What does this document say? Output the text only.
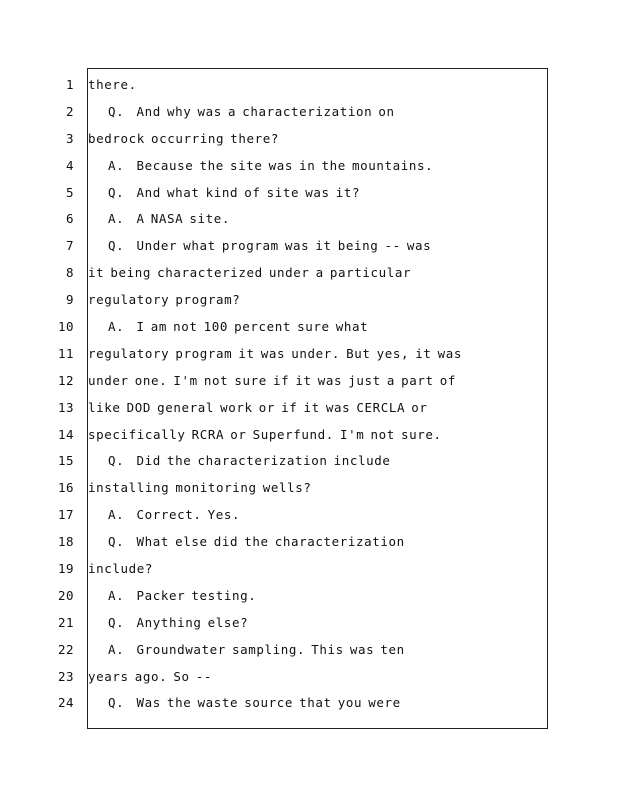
1
2
3
4
5
6
7
8
9
10
11
12
13
14
15
16
17
18
19
20
21
22
23
24
there.
Q.  And why was a characterization on
bedrock occurring there?
A.  Because the site was in the mountains.
Q.  And what kind of site was it?
A.  A NASA site.
Q.  Under what program was it being -- was
it being characterized under a particular
regulatory program?
A.  I am not 100 percent sure what
regulatory program it was under. But yes, it was
under one. I'm not sure if it was just a part of
like DOD general work or if it was CERCLA or
specifically RCRA or Superfund. I'm not sure.
Q.  Did the characterization include
installing monitoring wells?
A.  Correct. Yes.
Q.  What else did the characterization
include?
A.  Packer testing.
Q.  Anything else?
A.  Groundwater sampling. This was ten
years ago. So --
Q.  Was the waste source that you were
